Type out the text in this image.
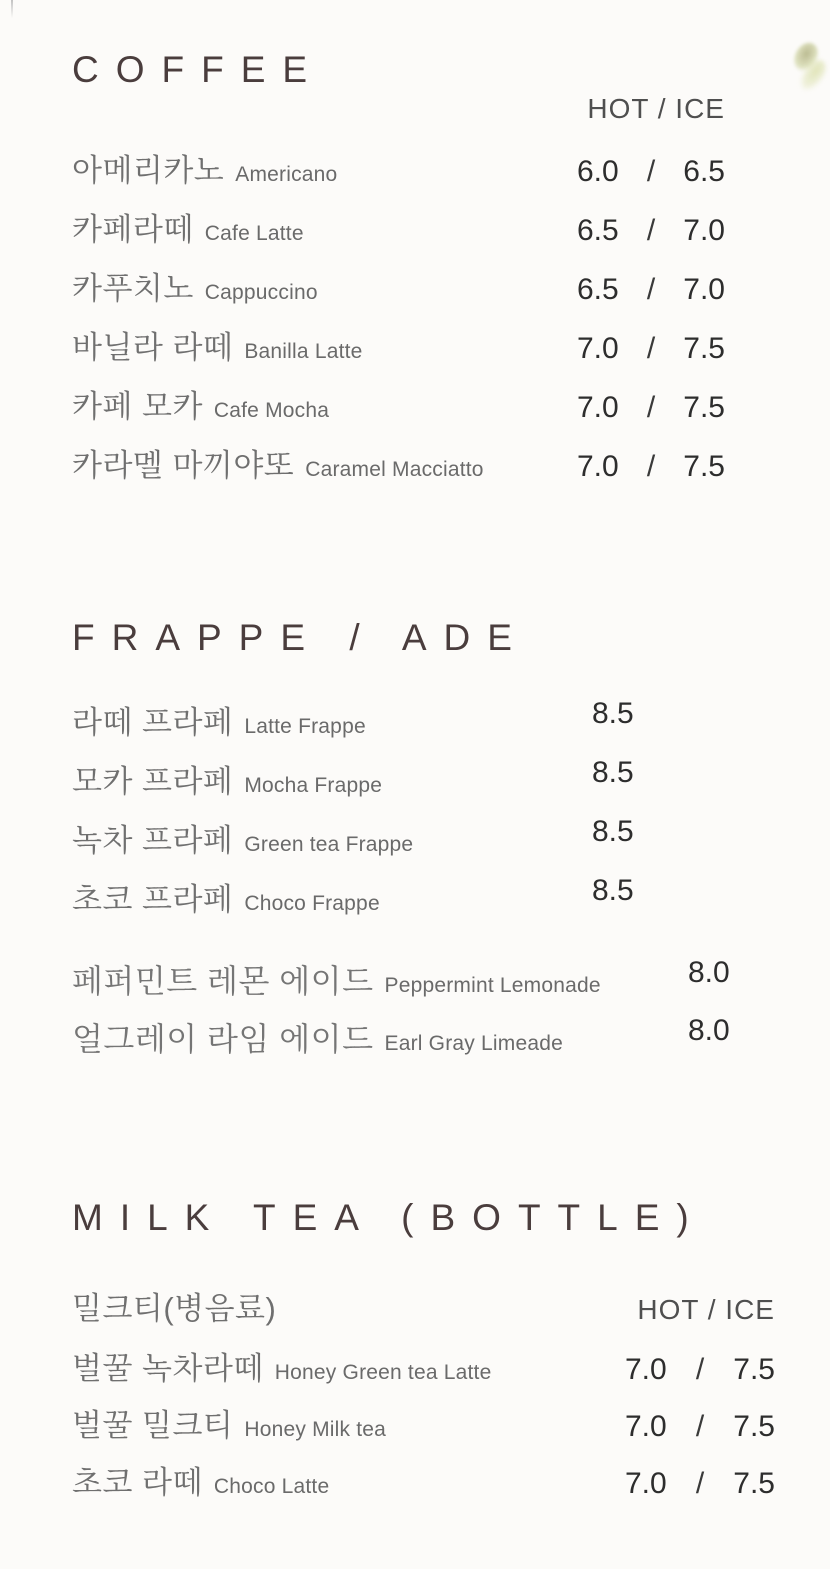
COFFEE
HOT / ICE
아메리카노 Americano	6.0 / 6.5
카페라떼 Cafe Latte	6.5 / 7.0
카푸치노 Cappuccino	6.5 / 7.0
바닐라 라떼 Banilla Latte	7.0 / 7.5
카페 모카 Cafe Mocha	7.0 / 7.5
카라멜 마끼야또 Caramel Macciatto	7.0 / 7.5
FRAPPE / ADE
라떼 프라페 Latte Frappe	8.5
모카 프라페 Mocha Frappe	8.5
녹차 프라페 Green tea Frappe	8.5
초코 프라페 Choco Frappe	8.5
페퍼민트 레몬 에이드 Peppermint Lemonade	8.0
얼그레이 라임 에이드 Earl Gray Limeade	8.0
MILK TEA (BOTTLE)
밀크티(병음료)	HOT / ICE
벌꿀 녹차라떼 Honey Green tea Latte	7.0 / 7.5
벌꿀 밀크티 Honey Milk tea	7.0 / 7.5
초코 라떼 Choco Latte	7.0 / 7.5
